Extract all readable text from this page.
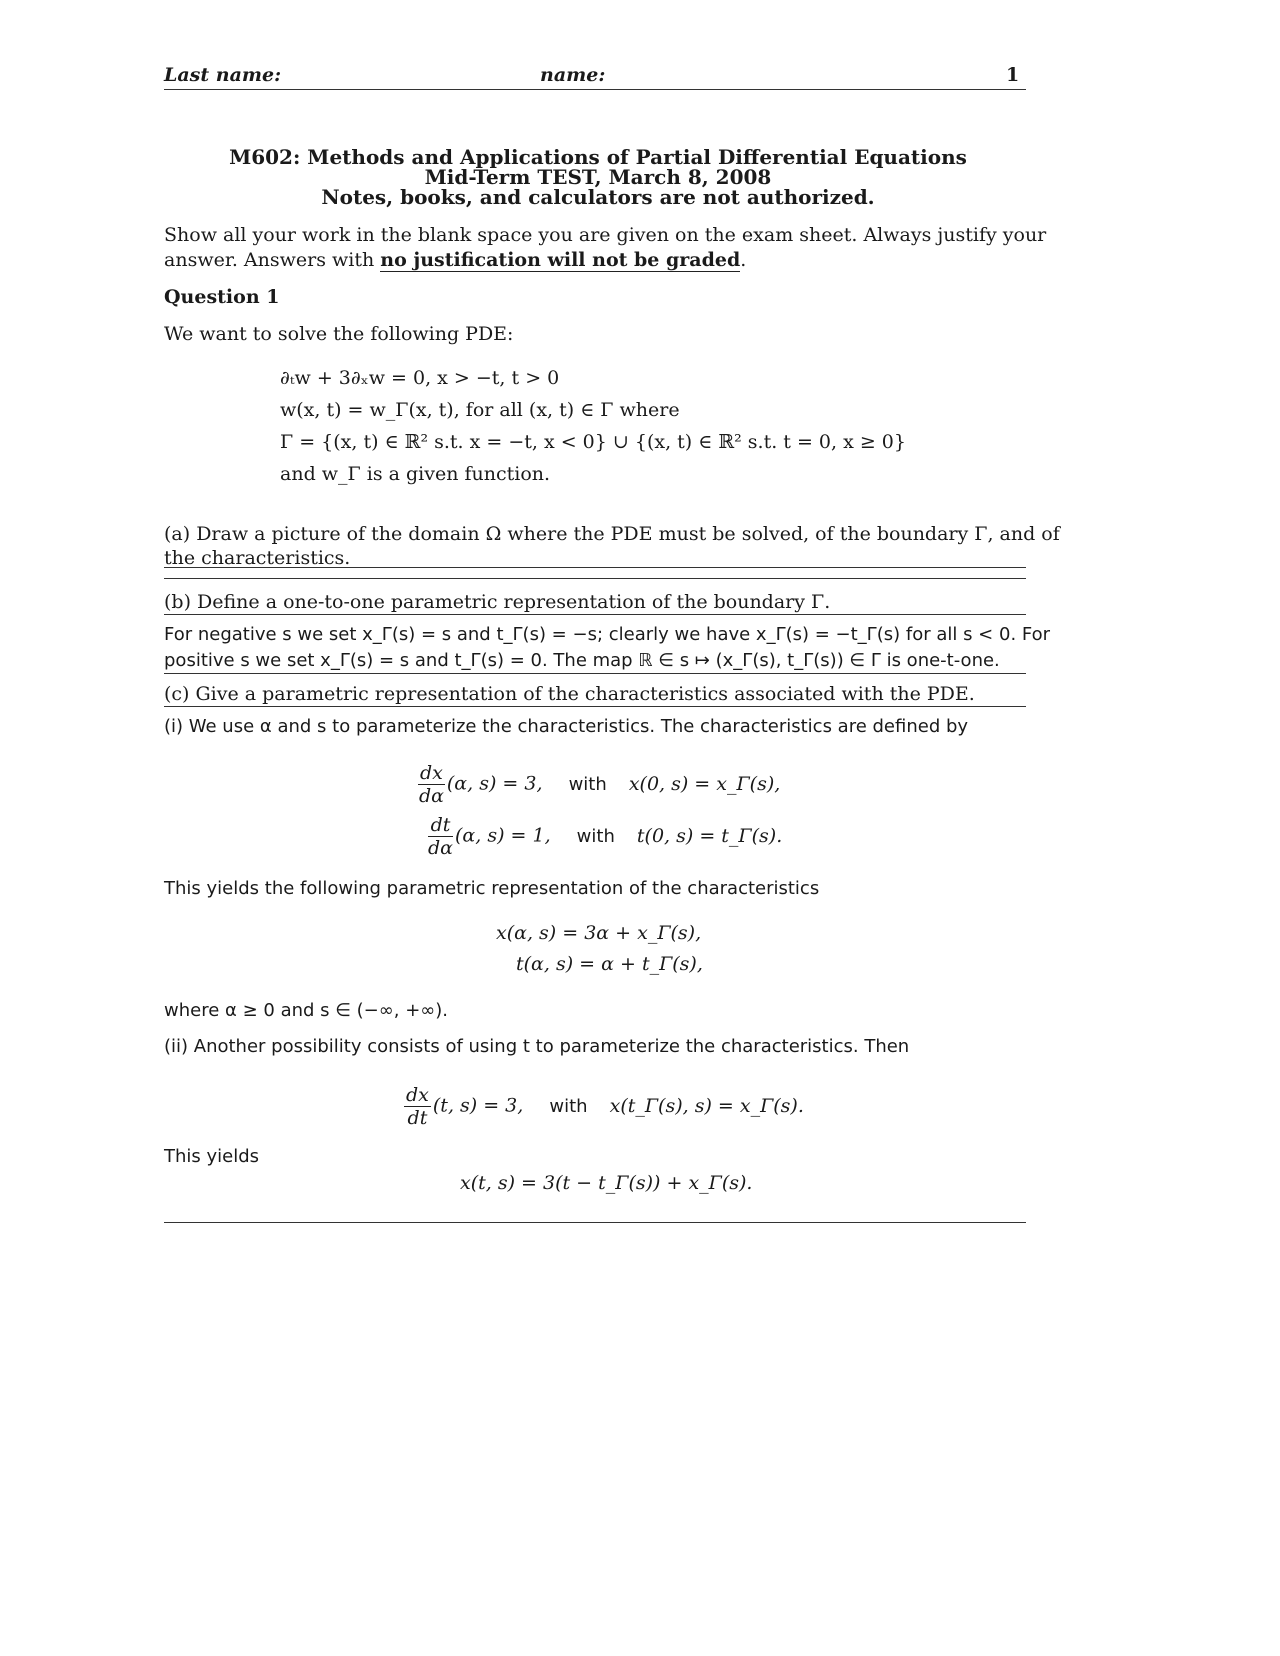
Last name:	name:	1
M602: Methods and Applications of Partial Differential Equations
Mid-Term TEST, March 8, 2008
Notes, books, and calculators are not authorized.
Show all your work in the blank space you are given on the exam sheet. Always justify your
answer. Answers with no justification will not be graded.
Question 1
We want to solve the following PDE:
∂ₜw + 3∂ₓw = 0, x > −t, t > 0
w(x, t) = w_Γ(x, t), for all (x, t) ∈ Γ where
Γ = {(x, t) ∈ ℝ² s.t. x = −t, x < 0} ∪ {(x, t) ∈ ℝ² s.t. t = 0, x ≥ 0}
and w_Γ is a given function.
(a) Draw a picture of the domain Ω where the PDE must be solved, of the boundary Γ, and of
the characteristics.
(b) Define a one-to-one parametric representation of the boundary Γ.
For negative s we set x_Γ(s) = s and t_Γ(s) = −s; clearly we have x_Γ(s) = −t_Γ(s) for all s < 0. For
positive s we set x_Γ(s) = s and t_Γ(s) = 0. The map ℝ ∈ s ↦ (x_Γ(s), t_Γ(s)) ∈ Γ is one-t-one.
(c) Give a parametric representation of the characteristics associated with the PDE.
(i) We use α and s to parameterize the characteristics. The characteristics are defined by
$\frac{dx}{d\alpha} (\alpha$, s) = 3, with x(0, s) = x_Γ(s),
$\frac{dt}{d\alpha} (\alpha$, s) = 1, with t(0, s) = t_Γ(s).
This yields the following parametric representation of the characteristics
x(α, s) = 3α + x_Γ(s),
t(α, s) = α + t_Γ(s),
where α ≥ 0 and s ∈ (−∞, +∞).
(ii) Another possibility consists of using t to parameterize the characteristics. Then
$\frac{dx}{dt} (t$, s) = 3, with x(t_Γ(s), s) = x_Γ(s).
This yields
x(t, s) = 3(t − t_Γ(s)) + x_Γ(s).
